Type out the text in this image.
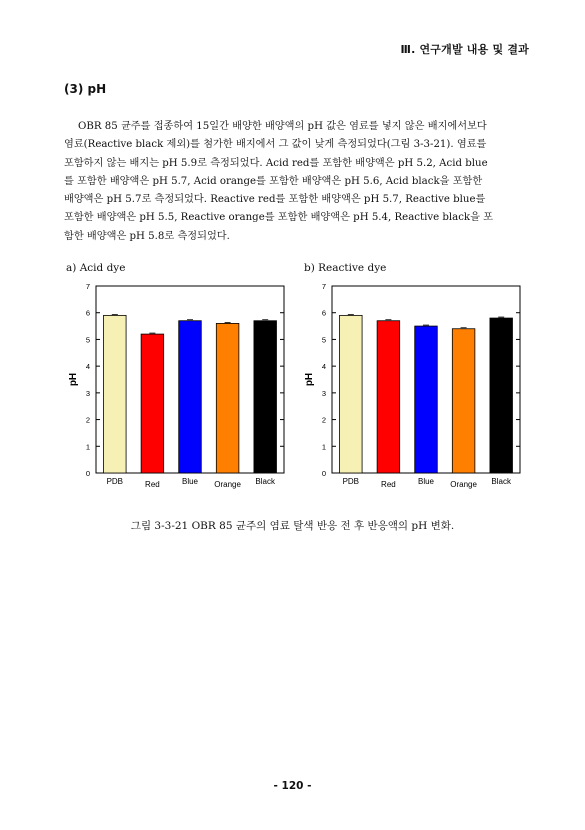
Ⅲ. 연구개발 내용 및 결과
(3) pH
OBR 85 균주를 접종하여 15일간 배양한 배양액의 pH 값은 염료를 넣지 않은 배지에서보다
염료(Reactive black 제외)를 첨가한 배지에서 그 값이 낮게 측정되었다(그림 3-3-21). 염료를
포함하지 않는 배지는 pH 5.9로 측정되었다. Acid red를 포함한 배양액은 pH 5.2, Acid blue
를 포함한 배양액은 pH 5.7, Acid orange를 포함한 배양액은 pH 5.6, Acid black을 포함한
배양액은 pH 5.7로 측정되었다. Reactive red를 포함한 배양액은 pH 5.7, Reactive blue를
포함한 배양액은 pH 5.5, Reactive orange를 포함한 배양액은 pH 5.4, Reactive black을 포
함한 배양액은 pH 5.8로 측정되었다.
a) Acid dye	b) Reactive dye
0
1
2
3
4
5
6
7
pH
PDB	Red	Blue Orange Black
0
1
2
3
4
5
6
7
pH
PDB	Red	Blue Orange Black
그림 3-3-21 OBR 85 균주의 염료 탈색 반응 전 후 반응액의 pH 변화.
- 120 -
